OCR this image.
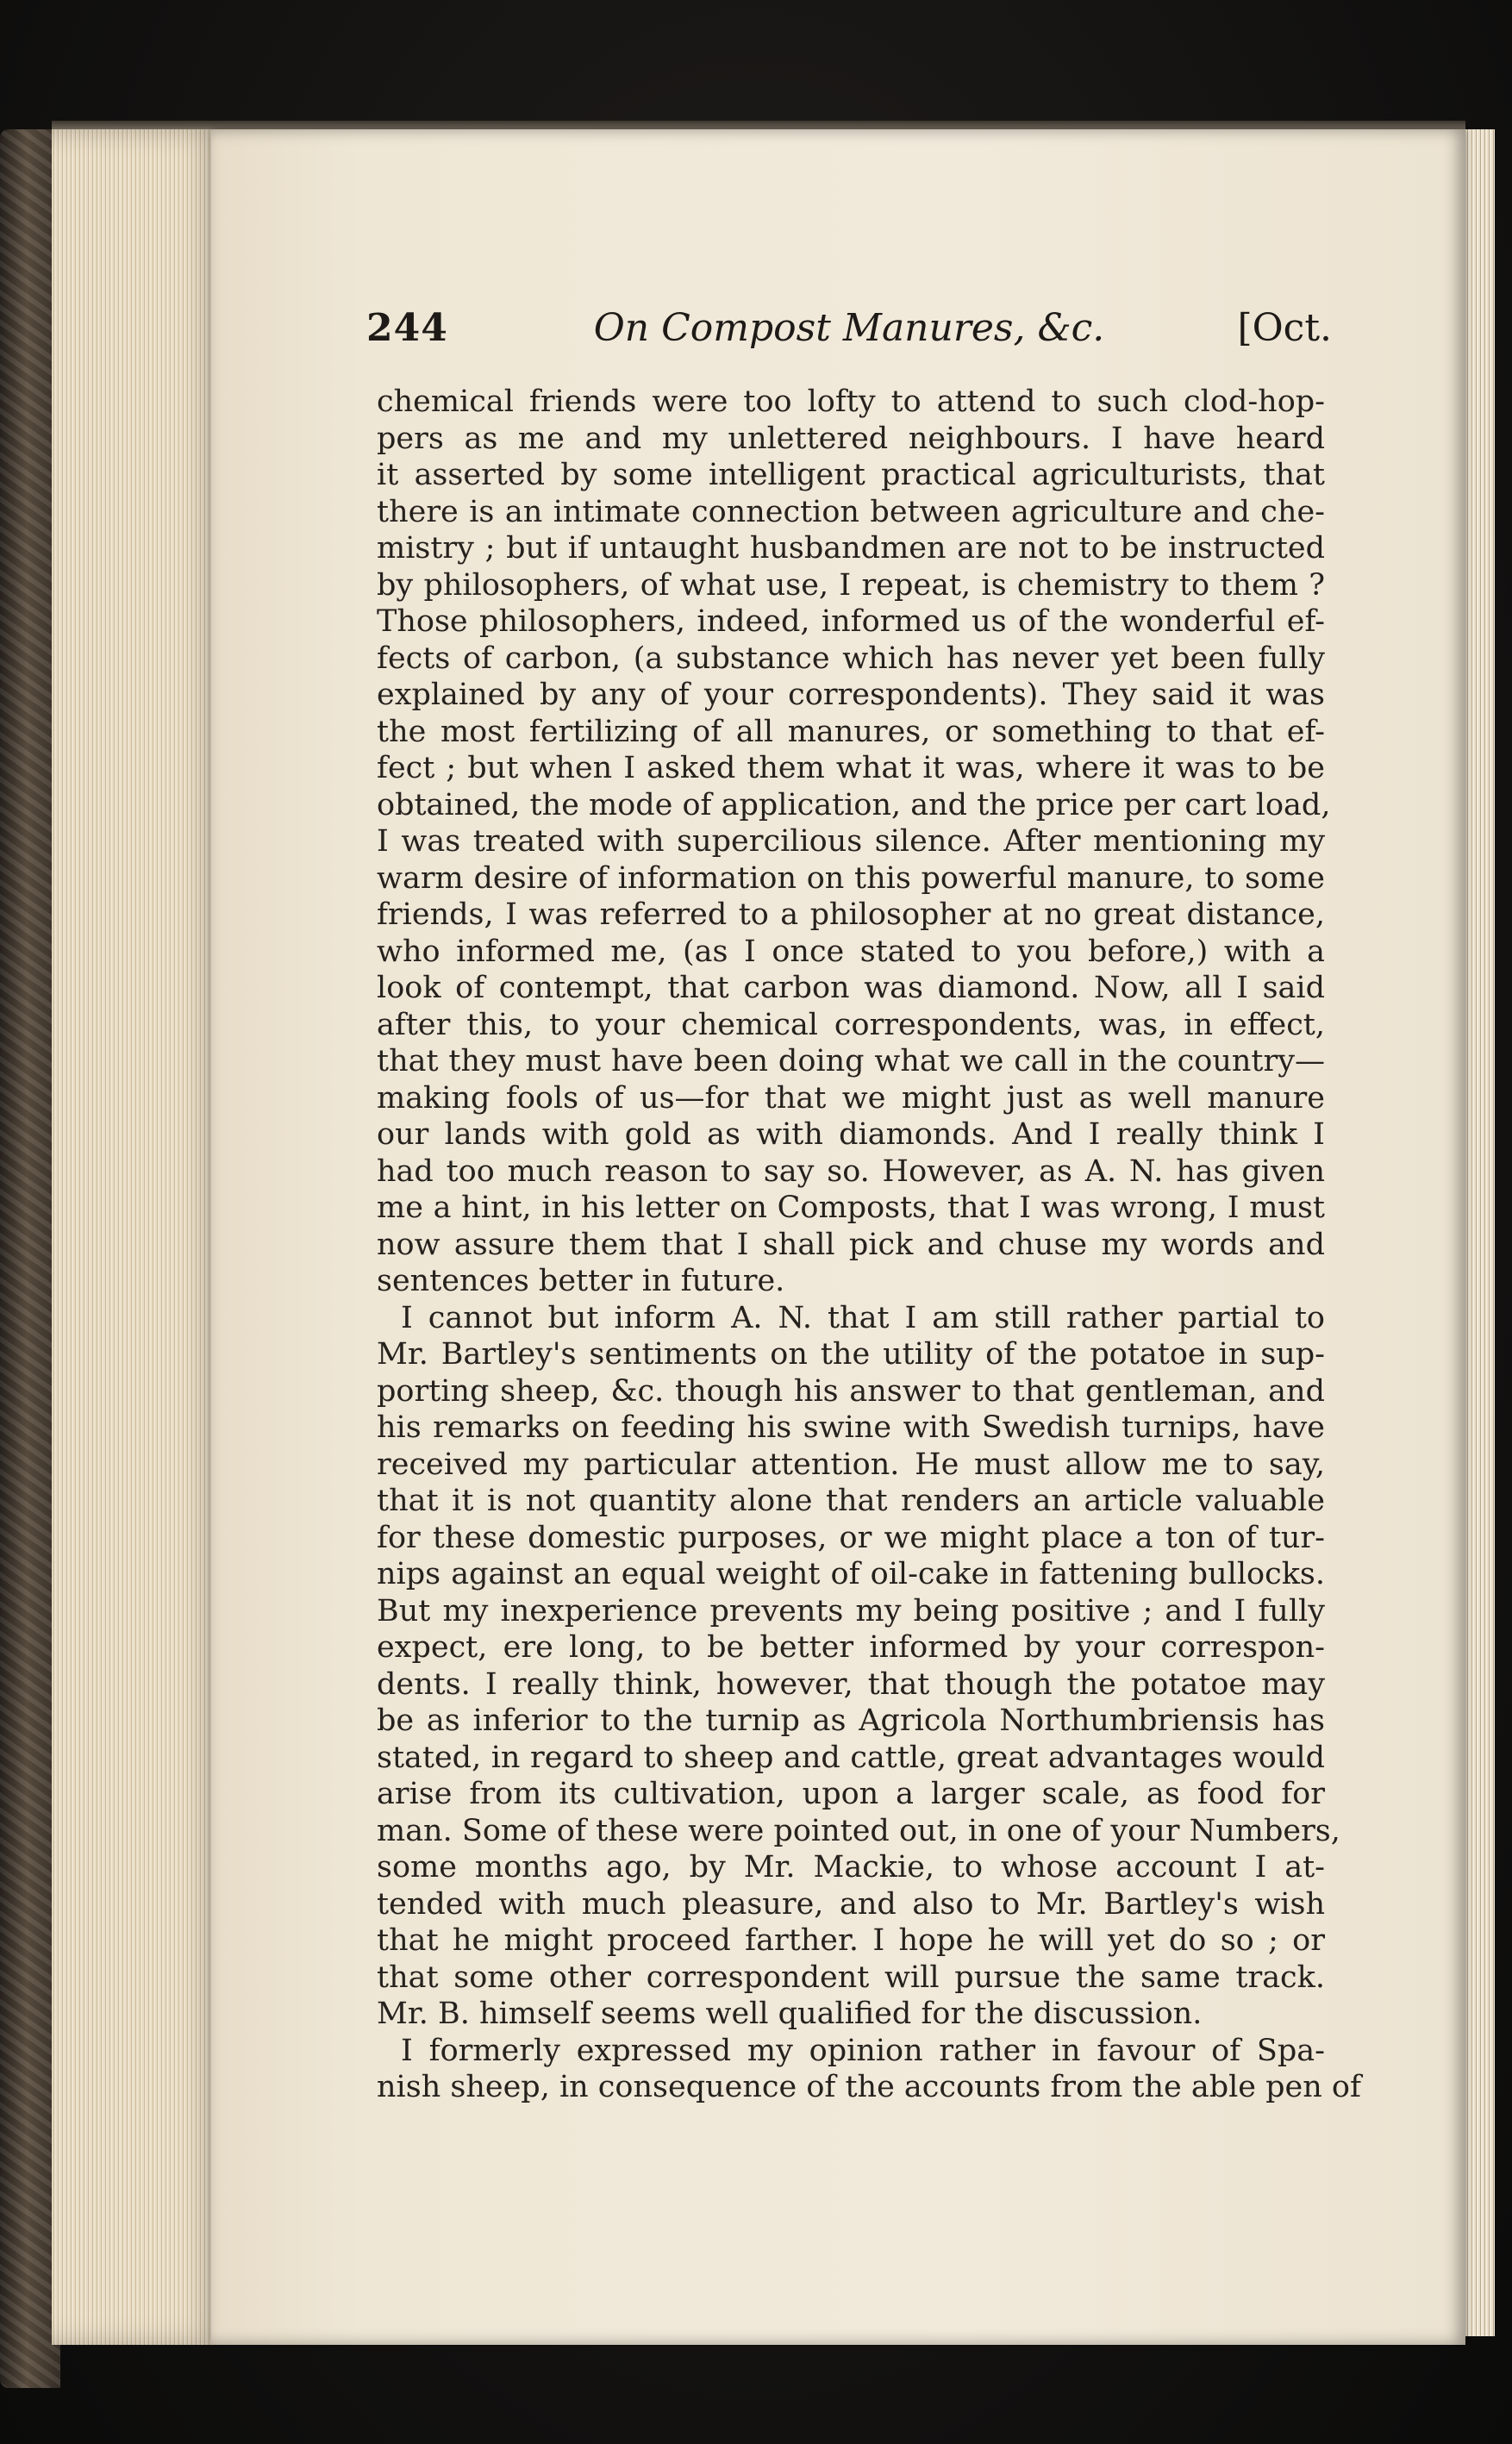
244	On Compost Manures, &c.	[Oct.
chemical friends were too lofty to attend to such clod-hop-
pers as me and my unlettered neighbours. I have heard
it asserted by some intelligent practical agriculturists, that
there is an intimate connection between agriculture and che-
mistry ; but if untaught husbandmen are not to be instructed
by philosophers, of what use, I repeat, is chemistry to them ?
Those philosophers, indeed, informed us of the wonderful ef-
fects of carbon, (a substance which has never yet been fully
explained by any of your correspondents). They said it was
the most fertilizing of all manures, or something to that ef-
fect ; but when I asked them what it was, where it was to be
obtained, the mode of application, and the price per cart load,
I was treated with supercilious silence. After mentioning my
warm desire of information on this powerful manure, to some
friends, I was referred to a philosopher at no great distance,
who informed me, (as I once stated to you before,) with a
look of contempt, that carbon was diamond. Now, all I said
after this, to your chemical correspondents, was, in effect,
that they must have been doing what we call in the country—
making fools of us—for that we might just as well manure
our lands with gold as with diamonds. And I really think I
had too much reason to say so. However, as A. N. has given
me a hint, in his letter on Composts, that I was wrong, I must
now assure them that I shall pick and chuse my words and
sentences better in future.
I cannot but inform A. N. that I am still rather partial to
Mr. Bartley's sentiments on the utility of the potatoe in sup-
porting sheep, &c. though his answer to that gentleman, and
his remarks on feeding his swine with Swedish turnips, have
received my particular attention. He must allow me to say,
that it is not quantity alone that renders an article valuable
for these domestic purposes, or we might place a ton of tur-
nips against an equal weight of oil-cake in fattening bullocks.
But my inexperience prevents my being positive ; and I fully
expect, ere long, to be better informed by your correspon-
dents. I really think, however, that though the potatoe may
be as inferior to the turnip as Agricola Northumbriensis has
stated, in regard to sheep and cattle, great advantages would
arise from its cultivation, upon a larger scale, as food for
man. Some of these were pointed out, in one of your Numbers,
some months ago, by Mr. Mackie, to whose account I at-
tended with much pleasure, and also to Mr. Bartley's wish
that he might proceed farther. I hope he will yet do so ; or
that some other correspondent will pursue the same track.
Mr. B. himself seems well qualified for the discussion.
I formerly expressed my opinion rather in favour of Spa-
nish sheep, in consequence of the accounts from the able pen of
